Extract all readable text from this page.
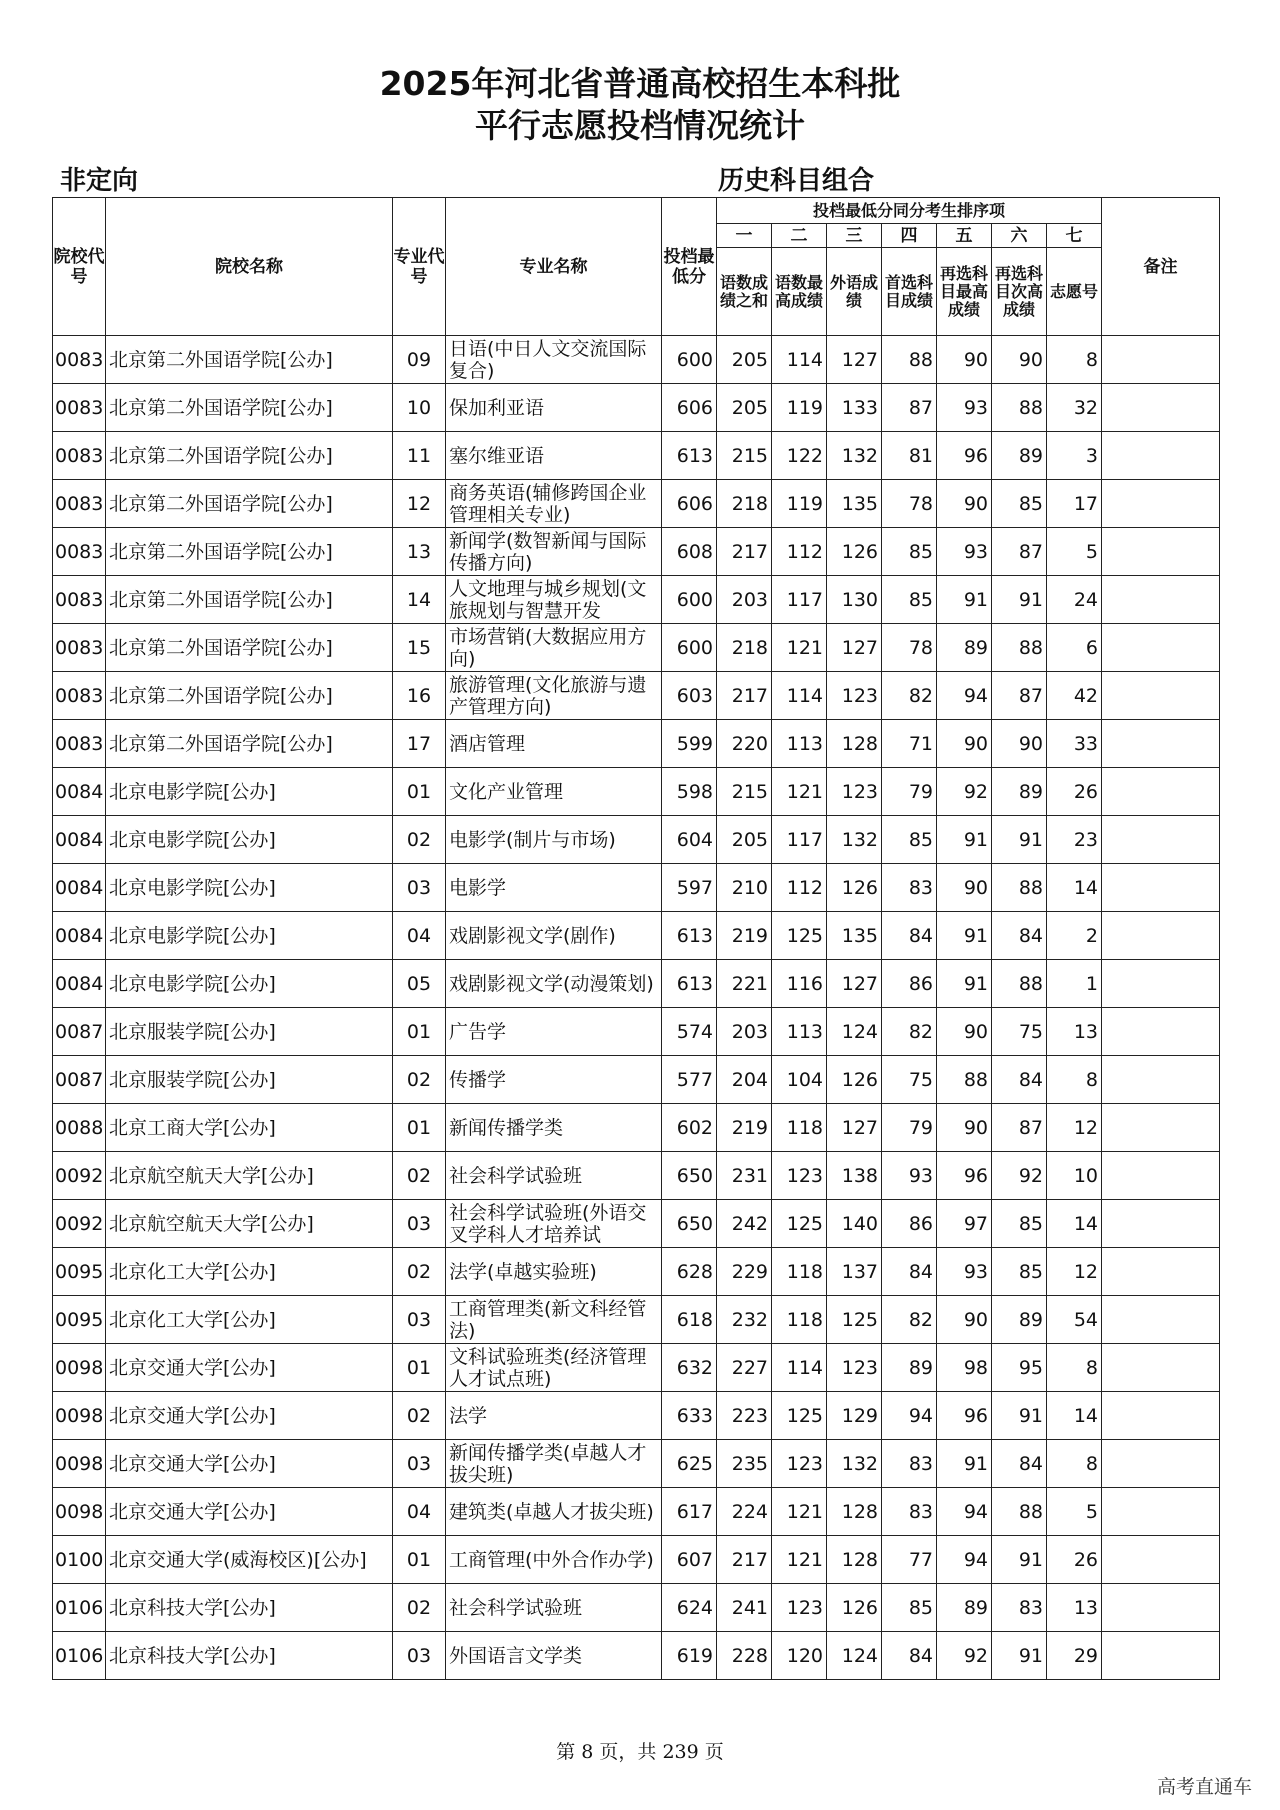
2025年河北省普通高校招生本科批
平行志愿投档情况统计
非定向	历史科目组合
院校代号	院校名称	专业代号	专业名称	投档最低分	投档最低分同分考生排序项							备注
					一	二	三	四	五	六	七	
					语数成绩之和	语数最高成绩	外语成绩	首选科目成绩	再选科目最高成绩	再选科目次高成绩	志愿号	
0083	北京第二外国语学院[公办]	09	日语(中日人文交流国际复合)	600	205	114	127	88	90	90	8	
0083	北京第二外国语学院[公办]	10	保加利亚语	606	205	119	133	87	93	88	32	
0083	北京第二外国语学院[公办]	11	塞尔维亚语	613	215	122	132	81	96	89	3	
0083	北京第二外国语学院[公办]	12	商务英语(辅修跨国企业管理相关专业)	606	218	119	135	78	90	85	17	
0083	北京第二外国语学院[公办]	13	新闻学(数智新闻与国际传播方向)	608	217	112	126	85	93	87	5	
0083	北京第二外国语学院[公办]	14	人文地理与城乡规划(文旅规划与智慧开发	600	203	117	130	85	91	91	24	
0083	北京第二外国语学院[公办]	15	市场营销(大数据应用方向)	600	218	121	127	78	89	88	6	
0083	北京第二外国语学院[公办]	16	旅游管理(文化旅游与遗产管理方向)	603	217	114	123	82	94	87	42	
0083	北京第二外国语学院[公办]	17	酒店管理	599	220	113	128	71	90	90	33	
0084	北京电影学院[公办]	01	文化产业管理	598	215	121	123	79	92	89	26	
0084	北京电影学院[公办]	02	电影学(制片与市场)	604	205	117	132	85	91	91	23	
0084	北京电影学院[公办]	03	电影学	597	210	112	126	83	90	88	14	
0084	北京电影学院[公办]	04	戏剧影视文学(剧作)	613	219	125	135	84	91	84	2	
0084	北京电影学院[公办]	05	戏剧影视文学(动漫策划)	613	221	116	127	86	91	88	1	
0087	北京服装学院[公办]	01	广告学	574	203	113	124	82	90	75	13	
0087	北京服装学院[公办]	02	传播学	577	204	104	126	75	88	84	8	
0088	北京工商大学[公办]	01	新闻传播学类	602	219	118	127	79	90	87	12	
0092	北京航空航天大学[公办]	02	社会科学试验班	650	231	123	138	93	96	92	10	
0092	北京航空航天大学[公办]	03	社会科学试验班(外语交叉学科人才培养试	650	242	125	140	86	97	85	14	
0095	北京化工大学[公办]	02	法学(卓越实验班)	628	229	118	137	84	93	85	12	
0095	北京化工大学[公办]	03	工商管理类(新文科经管法)	618	232	118	125	82	90	89	54	
0098	北京交通大学[公办]	01	文科试验班类(经济管理人才试点班)	632	227	114	123	89	98	95	8	
0098	北京交通大学[公办]	02	法学	633	223	125	129	94	96	91	14	
0098	北京交通大学[公办]	03	新闻传播学类(卓越人才拔尖班)	625	235	123	132	83	91	84	8	
0098	北京交通大学[公办]	04	建筑类(卓越人才拔尖班)	617	224	121	128	83	94	88	5	
0100	北京交通大学(威海校区)[公办]	01	工商管理(中外合作办学)	607	217	121	128	77	94	91	26	
0106	北京科技大学[公办]	02	社会科学试验班	624	241	123	126	85	89	83	13	
0106	北京科技大学[公办]	03	外国语言文学类	619	228	120	124	84	92	91	29	
第 8 页，共 239 页
高考直通车
